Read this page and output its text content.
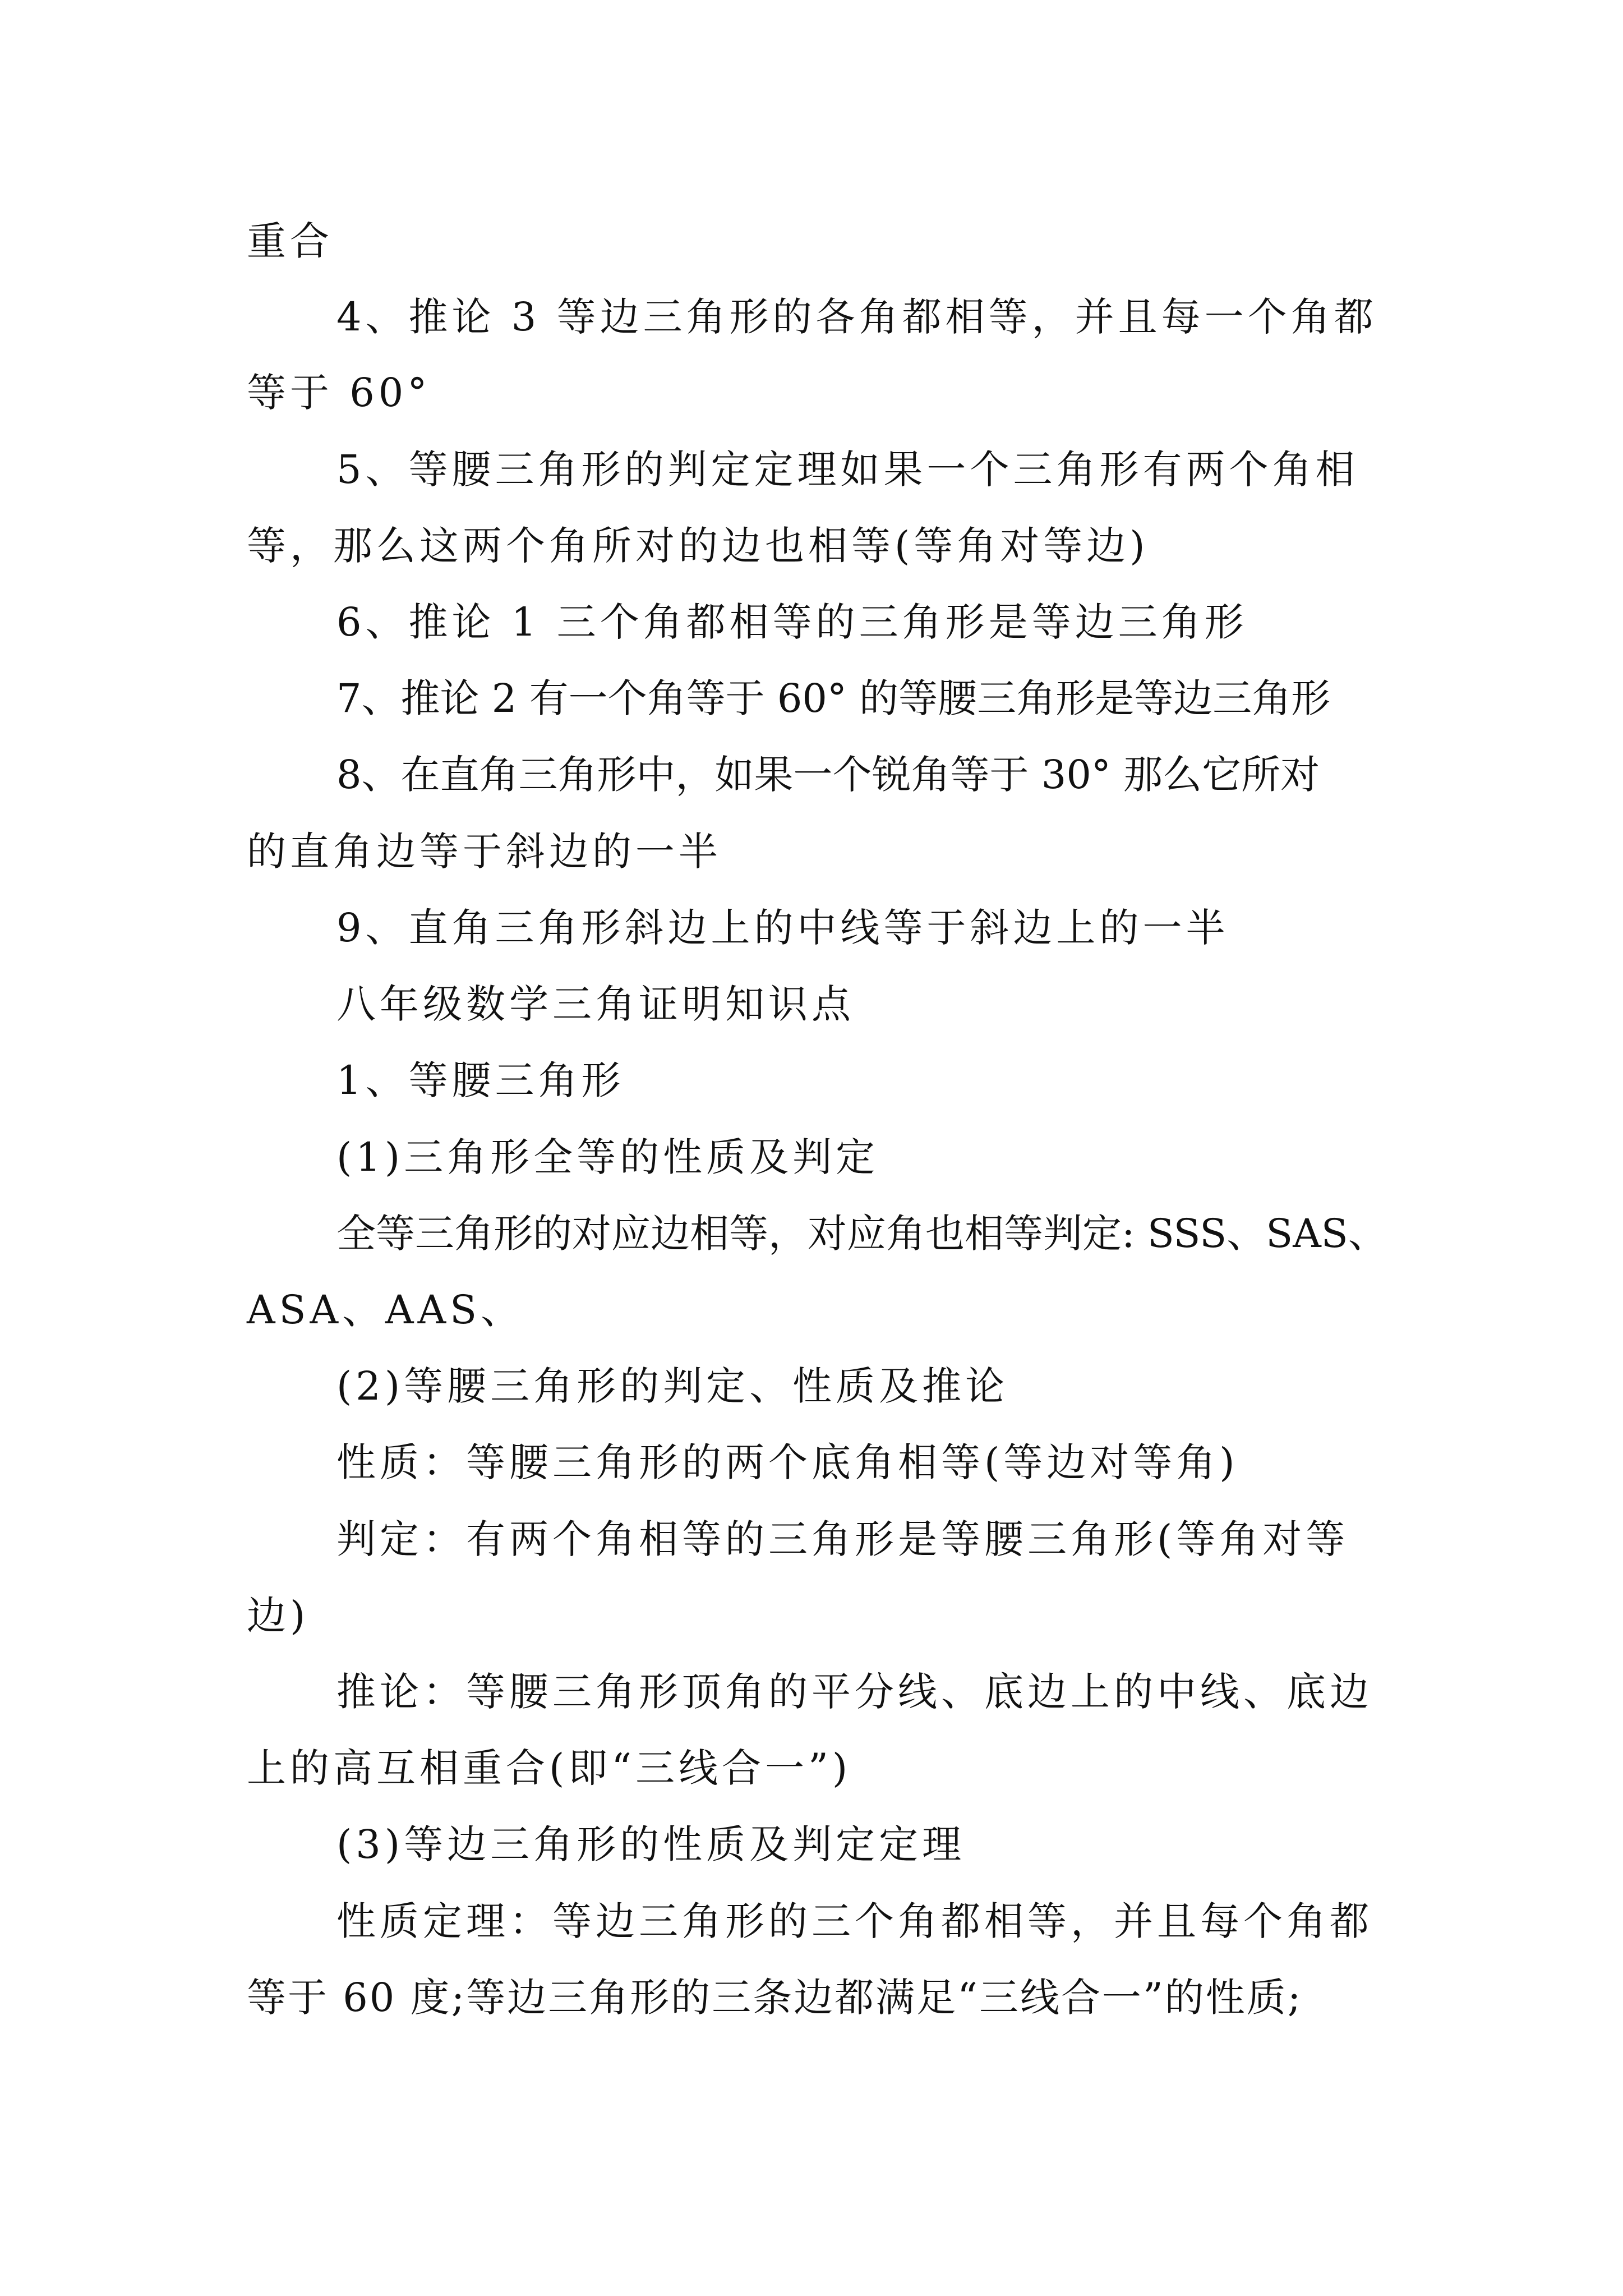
重合
4、推论 3 等边三角形的各角都相等，并且每一个角都
等于 60°
5、等腰三角形的判定定理如果一个三角形有两个角相
等，那么这两个角所对的边也相等(等角对等边)
6、推论 1 三个角都相等的三角形是等边三角形
7、推论 2 有一个角等于 60° 的等腰三角形是等边三角形
8、在直角三角形中，如果一个锐角等于 30° 那么它所对
的直角边等于斜边的一半
9、直角三角形斜边上的中线等于斜边上的一半
八年级数学三角证明知识点
1、等腰三角形
(1)三角形全等的性质及判定
全等三角形的对应边相等，对应角也相等判定: SSS、SAS、
ASA、AAS、
(2)等腰三角形的判定、性质及推论
性质：等腰三角形的两个底角相等(等边对等角)
判定：有两个角相等的三角形是等腰三角形(等角对等
边)
推论：等腰三角形顶角的平分线、底边上的中线、底边
上的高互相重合(即“三线合一”)
(3)等边三角形的性质及判定定理
性质定理：等边三角形的三个角都相等，并且每个角都
等于 60 度;等边三角形的三条边都满足“三线合一”的性质;
